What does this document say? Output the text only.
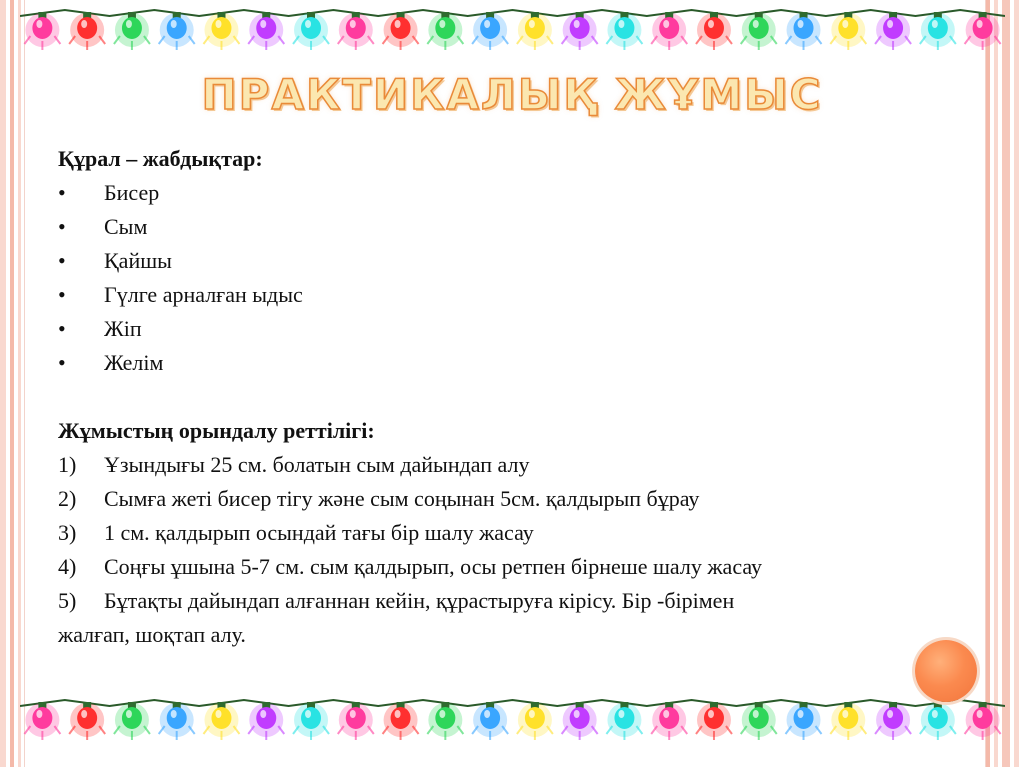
ПРАКТИКАЛЫҚ ЖҰМЫС
Құрал – жабдықтар:
•	Бисер
•	Сым
•	Қайшы
•	Гүлге арналған ыдыс
•	Жіп
•	Желім
Жұмыстың орындалу реттілігі:
1)	Ұзындығы 25 см. болатын сым дайындап алу
2)	Сымға жеті бисер тігу және сым соңынан 5см. қалдырып бұрау
3)	1 см. қалдырып осындай тағы бір шалу жасау
4)	Соңғы ұшына 5-7 см. сым қалдырып, осы ретпен бірнеше шалу жасау
5)	Бұтақты дайындап алғаннан кейін, құрастыруға кірісу. Бір -бірімен
жалғап, шоқтап алу.
